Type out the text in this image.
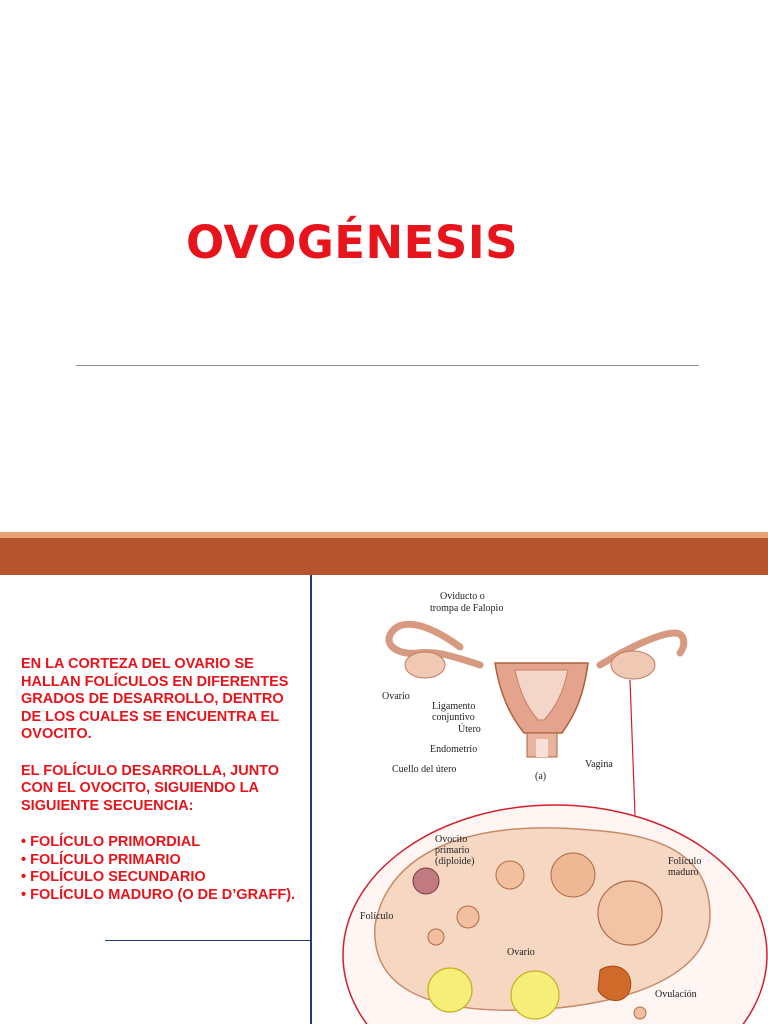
OVOGÉNESIS

EN LA CORTEZA DEL OVARIO SE HALLAN FOLÍCULOS EN DIFERENTES GRADOS DE DESARROLLO, DENTRO DE LOS CUALES SE ENCUENTRA EL OVOCITO.

EL FOLÍCULO DESARROLLA, JUNTO CON EL OVOCITO, SIGUIENDO LA SIGUIENTE SECUENCIA:

• FOLÍCULO PRIMORDIAL
• FOLÍCULO PRIMARIO
• FOLÍCULO SECUNDARIO
• FOLÍCULO MADURO (O DE D’GRAFF).
Oviducto o
trompa de Falopio
Ovario
Ligamento
conjuntivo
Útero
Endometrio
Cuello del útero	Vagina
(a)
Ovocito
primario
(diploide)	Folículo
maduro
Folículo
Ovario
Ovulación
